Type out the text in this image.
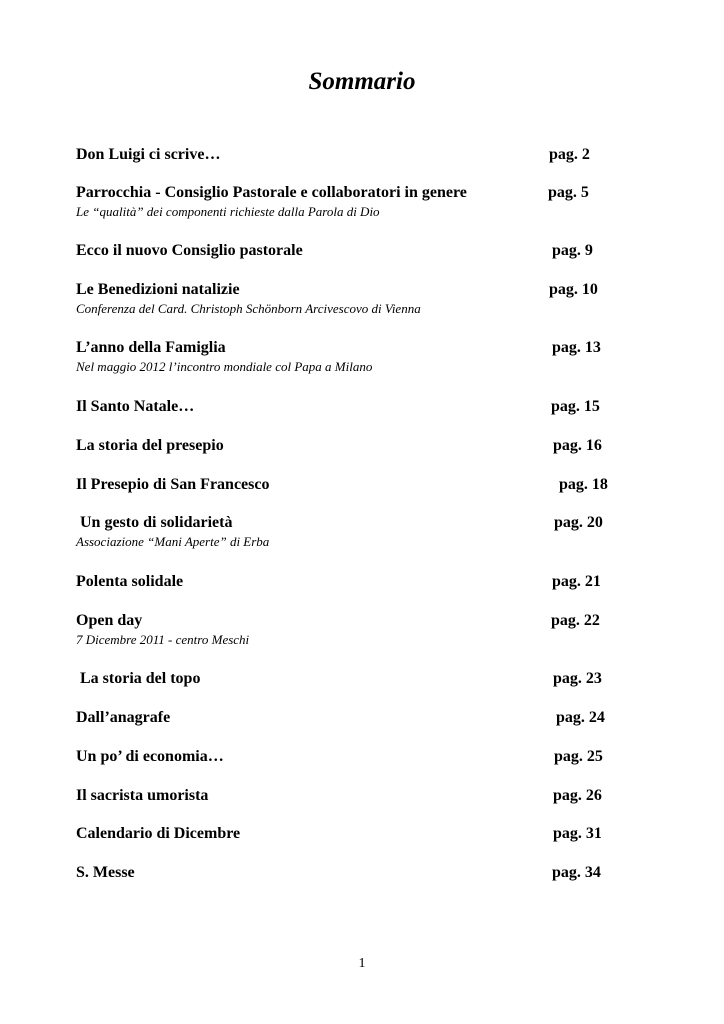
Sommario
Don Luigi ci scrive…	pag. 2
Parrocchia - Consiglio Pastorale e collaboratori in genere	pag. 5
Le “qualità” dei componenti richieste dalla Parola di Dio
Ecco il nuovo Consiglio pastorale	pag. 9
Le Benedizioni natalizie	pag. 10
Conferenza del Card. Christoph Schönborn Arcivescovo di Vienna
L’anno della Famiglia	pag. 13
Nel maggio 2012 l’incontro mondiale col Papa a Milano
Il Santo Natale…	pag. 15
La storia del presepio	pag. 16
Il Presepio di San Francesco	pag. 18
Un gesto di solidarietà	pag. 20
Associazione “Mani Aperte” di Erba
Polenta solidale	pag. 21
Open day	pag. 22
7 Dicembre 2011 - centro Meschi
La storia del topo	pag. 23
Dall’anagrafe	pag. 24
Un po’ di economia…	pag. 25
Il sacrista umorista	pag. 26
Calendario di Dicembre	pag. 31
S. Messe	pag. 34
1
